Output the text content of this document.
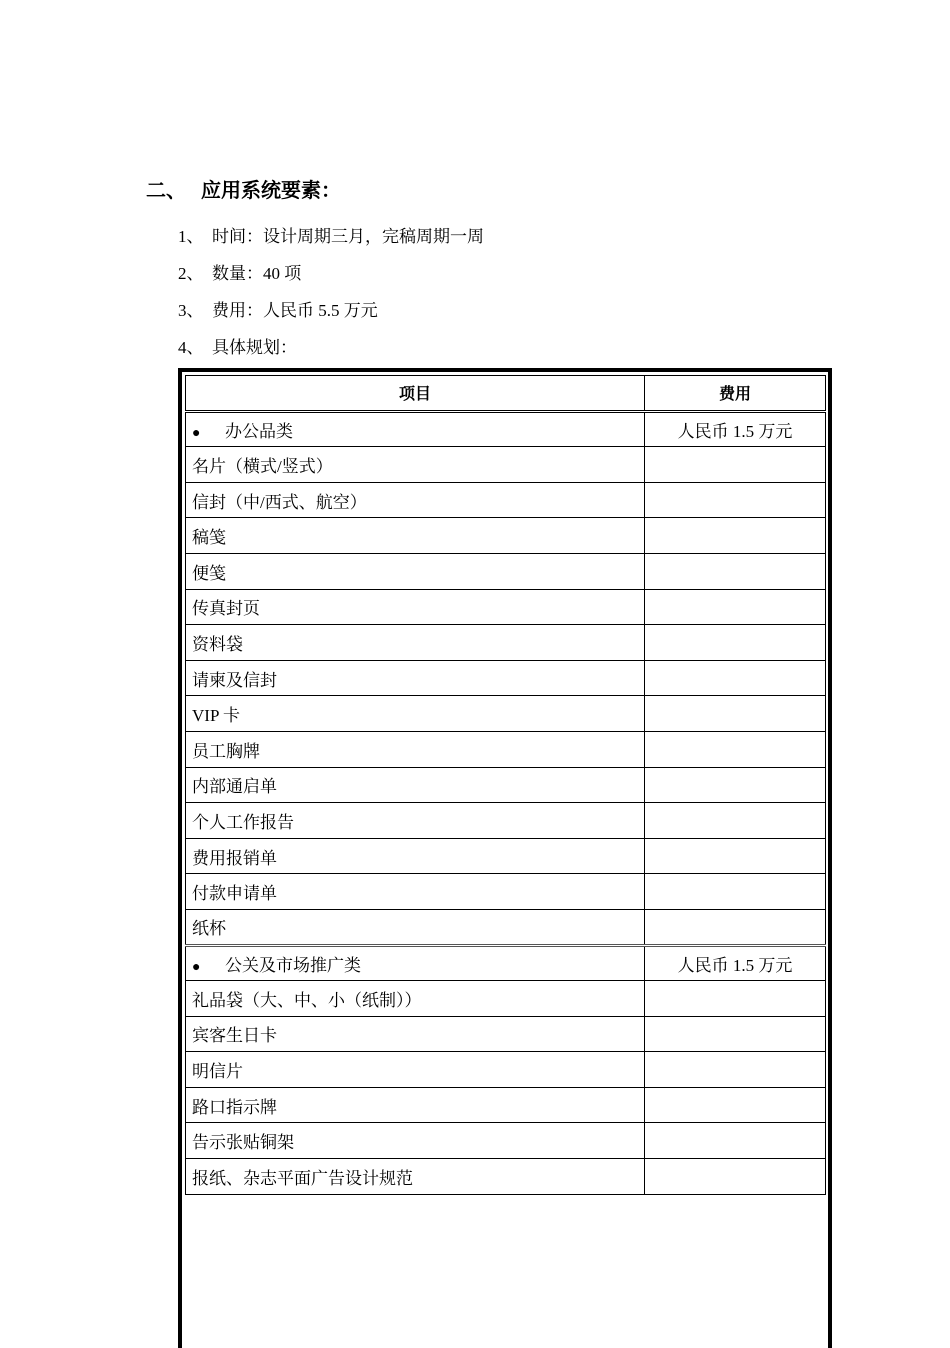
二、 应用系统要素：
1、 时间：设计周期三月，完稿周期一周
2、 数量：40 项
3、 费用：人民币 5.5 万元
4、 具体规划：
项目	费用
● 办公品类	人民币 1.5 万元
名片（横式/竖式）	
信封（中/西式、航空）	
稿笺	
便笺	
传真封页	
资料袋	
请柬及信封	
VIP 卡	
员工胸牌	
内部通启单	
个人工作报告	
费用报销单	
付款申请单	
纸杯	
● 公关及市场推广类	人民币 1.5 万元
礼品袋（大、中、小（纸制））	
宾客生日卡	
明信片	
路口指示牌	
告示张贴铜架	
报纸、杂志平面广告设计规范	
